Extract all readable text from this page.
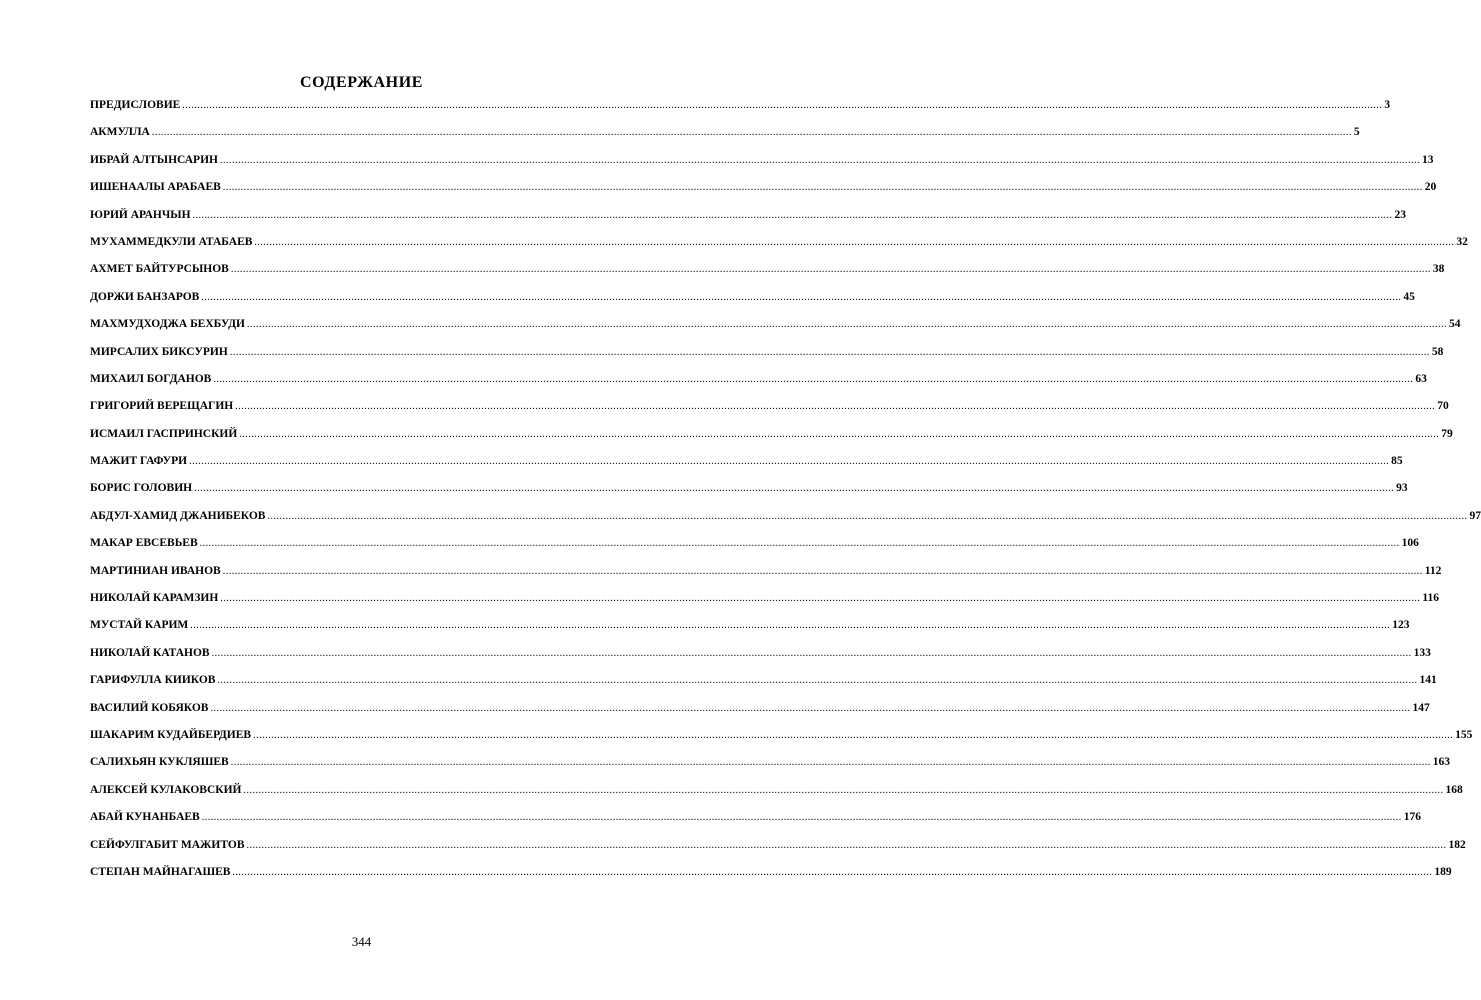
СОДЕРЖАНИЕ
ПРЕДИСЛОВИЕ ................................................................................................................................................................................................................................................................................................................................................................................................................ 3
АКМУЛЛА ................................................................................................................................................................................................................................................................................................................................................................................................................ 5
ИБРАЙ АЛТЫНСАРИН ................................................................................................................................................................................................................................................................................................................................................................................................................ 13
ИШЕНААЛЫ АРАБАЕВ ................................................................................................................................................................................................................................................................................................................................................................................................................ 20
ЮРИЙ АРАНЧЫН ................................................................................................................................................................................................................................................................................................................................................................................................................ 23
МУХАММЕДКУЛИ АТАБАЕВ ................................................................................................................................................................................................................................................................................................................................................................................................................ 32
АХМЕТ БАЙТУРСЫНОВ ................................................................................................................................................................................................................................................................................................................................................................................................................ 38
ДОРЖИ БАНЗАРОВ ................................................................................................................................................................................................................................................................................................................................................................................................................ 45
МАХМУДХОДЖА БЕХБУДИ ................................................................................................................................................................................................................................................................................................................................................................................................................ 54
МИРСАЛИХ БИКСУРИН ................................................................................................................................................................................................................................................................................................................................................................................................................ 58
МИХАИЛ БОГДАНОВ ................................................................................................................................................................................................................................................................................................................................................................................................................ 63
ГРИГОРИЙ ВЕРЕЩАГИН ................................................................................................................................................................................................................................................................................................................................................................................................................ 70
ИСМАИЛ ГАСПРИНСКИЙ ................................................................................................................................................................................................................................................................................................................................................................................................................ 79
МАЖИТ ГАФУРИ ................................................................................................................................................................................................................................................................................................................................................................................................................ 85
БОРИС ГОЛОВИН ................................................................................................................................................................................................................................................................................................................................................................................................................ 93
АБДУЛ-ХАМИД ДЖАНИБЕКОВ ................................................................................................................................................................................................................................................................................................................................................................................................................ 97
МАКАР ЕВСЕВЬЕВ ................................................................................................................................................................................................................................................................................................................................................................................................................ 106
МАРТИНИАН ИВАНОВ ................................................................................................................................................................................................................................................................................................................................................................................................................ 112
НИКОЛАЙ КАРАМЗИН ................................................................................................................................................................................................................................................................................................................................................................................................................ 116
МУСТАЙ КАРИМ ................................................................................................................................................................................................................................................................................................................................................................................................................ 123
НИКОЛАЙ КАТАНОВ ................................................................................................................................................................................................................................................................................................................................................................................................................ 133
ГАРИФУЛЛА КИИКОВ ................................................................................................................................................................................................................................................................................................................................................................................................................ 141
ВАСИЛИЙ КОБЯКОВ ................................................................................................................................................................................................................................................................................................................................................................................................................ 147
ШАКАРИМ КУДАЙБЕРДИЕВ ................................................................................................................................................................................................................................................................................................................................................................................................................ 155
САЛИХЬЯН КУКЛЯШЕВ ................................................................................................................................................................................................................................................................................................................................................................................................................ 163
АЛЕКСЕЙ КУЛАКОВСКИЙ ................................................................................................................................................................................................................................................................................................................................................................................................................ 168
АБАЙ КУНАНБАЕВ ................................................................................................................................................................................................................................................................................................................................................................................................................ 176
СЕЙФУЛГАБИТ МАЖИТОВ ................................................................................................................................................................................................................................................................................................................................................................................................................ 182
СТЕПАН МАЙНАГАШЕВ ................................................................................................................................................................................................................................................................................................................................................................................................................ 189
344
